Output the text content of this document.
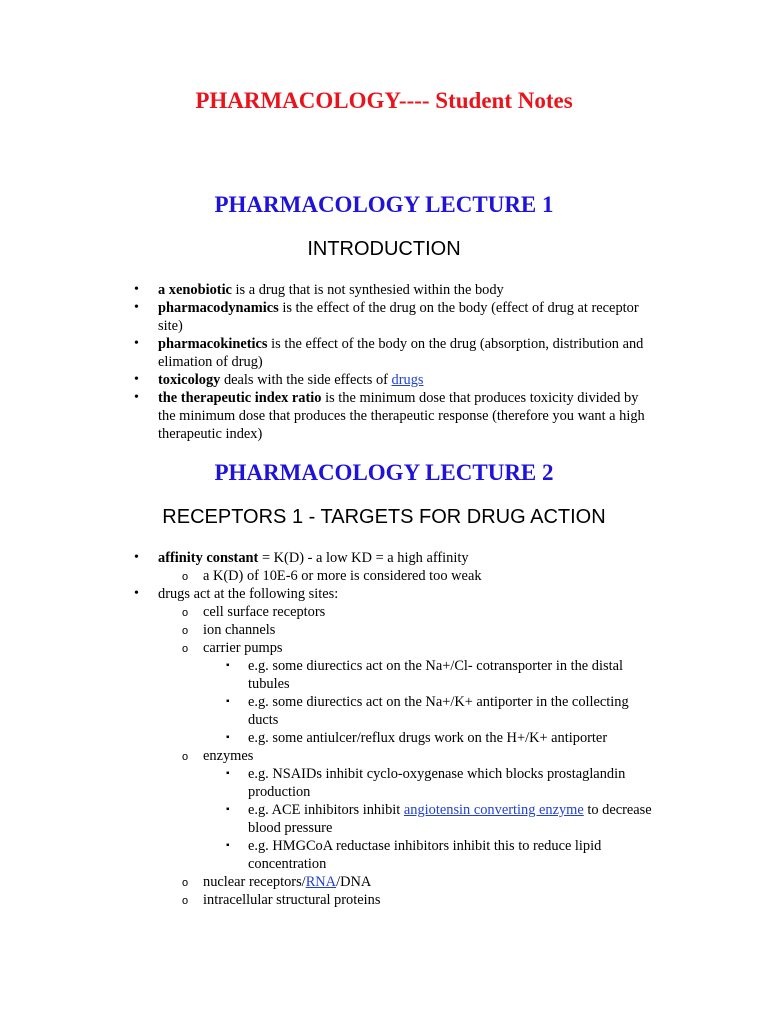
PHARMACOLOGY---- Student Notes
PHARMACOLOGY LECTURE 1
INTRODUCTION
• a xenobiotic is a drug that is not synthesied within the body
• pharmacodynamics is the effect of the drug on the body (effect of drug at receptor site)
• pharmacokinetics is the effect of the body on the drug (absorption, distribution and elimation of drug)
• toxicology deals with the side effects of drugs
• the therapeutic index ratio is the minimum dose that produces toxicity divided by the minimum dose that produces the therapeutic response (therefore you want a high therapeutic index)
PHARMACOLOGY LECTURE 2
RECEPTORS 1 - TARGETS FOR DRUG ACTION
• affinity constant = K(D) - a low KD = a high affinity
o a K(D) of 10E-6 or more is considered too weak
• drugs act at the following sites:
o cell surface receptors
o ion channels
o carrier pumps
▪ e.g. some diurectics act on the Na+/Cl- cotransporter in the distal tubules
▪ e.g. some diurectics act on the Na+/K+ antiporter in the collecting ducts
▪ e.g. some antiulcer/reflux drugs work on the H+/K+ antiporter
o enzymes
▪ e.g. NSAIDs inhibit cyclo-oxygenase which blocks prostaglandin production
▪ e.g. ACE inhibitors inhibit angiotensin converting enzyme to decrease blood pressure
▪ e.g. HMGCoA reductase inhibitors inhibit this to reduce lipid concentration
o nuclear receptors/RNA/DNA
o intracellular structural proteins
